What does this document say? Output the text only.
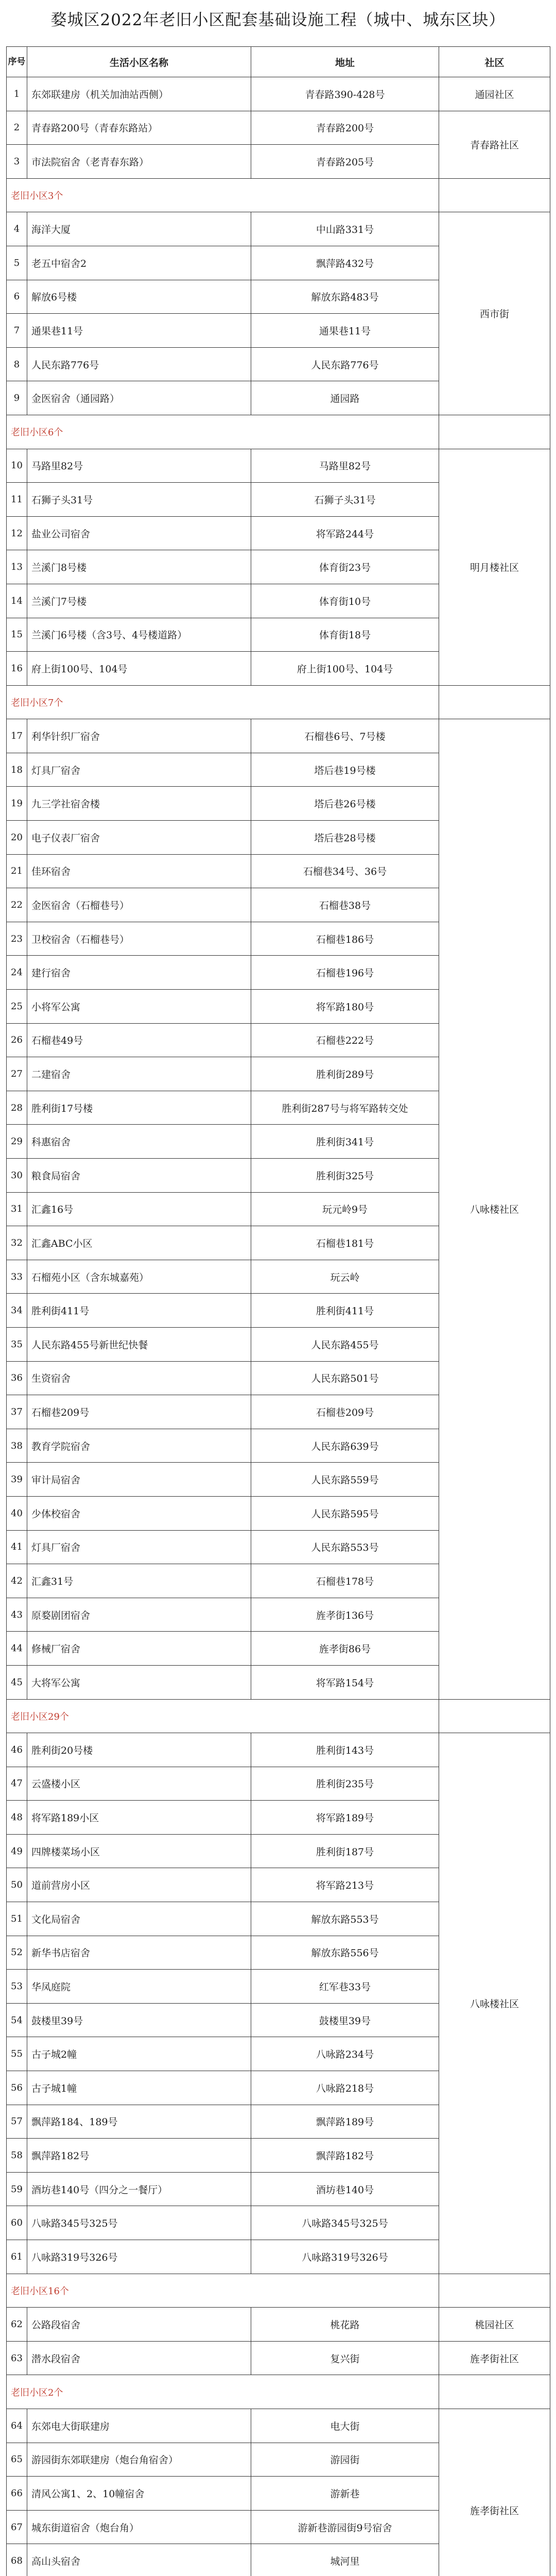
婺城区2022年老旧小区配套基础设施工程（城中、城东区块）
序号	生活小区名称	地址	社区
1	东郊联建房（机关加油站西侧）	青春路390-428号	通园社区
2	青春路200号（青春东路站）	青春路200号	青春路社区
3	市法院宿舍（老青春东路）	青春路205号	
老旧小区3个			
4	海洋大厦	中山路331号	西市街
5	老五中宿舍2	飘萍路432号	
6	解放6号楼	解放东路483号	
7	通果巷11号	通果巷11号	
8	人民东路776号	人民东路776号	
9	金医宿舍（通园路）	通园路	
老旧小区6个			
10	马路里82号	马路里82号	明月楼社区
11	石狮子头31号	石狮子头31号	
12	盐业公司宿舍	将军路244号	
13	兰溪门8号楼	体育街23号	
14	兰溪门7号楼	体育街10号	
15	兰溪门6号楼（含3号、4号楼道路）	体育街18号	
16	府上街100号、104号	府上街100号、104号	
老旧小区7个			
17	利华针织厂宿舍	石榴巷6号、7号楼	八咏楼社区
18	灯具厂宿舍	塔后巷19号楼	
19	九三学社宿舍楼	塔后巷26号楼	
20	电子仪表厂宿舍	塔后巷28号楼	
21	佳环宿舍	石榴巷34号、36号	
22	金医宿舍（石榴巷号）	石榴巷38号	
23	卫校宿舍（石榴巷号）	石榴巷186号	
24	建行宿舍	石榴巷196号	
25	小将军公寓	将军路180号	
26	石榴巷49号	石榴巷222号	
27	二建宿舍	胜利街289号	
28	胜利街17号楼	胜利街287号与将军路转交处	
29	科惠宿舍	胜利街341号	
30	粮食局宿舍	胜利街325号	
31	汇鑫16号	玩元岭9号	
32	汇鑫ABC小区	石榴巷181号	
33	石榴苑小区（含东城嘉苑）	玩云岭	
34	胜利街411号	胜利街411号	
35	人民东路455号新世纪快餐	人民东路455号	
36	生资宿舍	人民东路501号	
37	石榴巷209号	石榴巷209号	
38	教育学院宿舍	人民东路639号	
39	审计局宿舍	人民东路559号	
40	少体校宿舍	人民东路595号	
41	灯具厂宿舍	人民东路553号	
42	汇鑫31号	石榴巷178号	
43	原婺剧团宿舍	旌孝街136号	
44	修械厂宿舍	旌孝街86号	
45	大将军公寓	将军路154号	
老旧小区29个			
46	胜利街20号楼	胜利街143号	八咏楼社区
47	云盛楼小区	胜利街235号	
48	将军路189小区	将军路189号	
49	四牌楼菜场小区	胜利街187号	
50	道前营房小区	将军路213号	
51	文化局宿舍	解放东路553号	
52	新华书店宿舍	解放东路556号	
53	华凤庭院	红军巷33号	
54	鼓楼里39号	鼓楼里39号	
55	古子城2幢	八咏路234号	
56	古子城1幢	八咏路218号	
57	飘萍路184、189号	飘萍路189号	
58	飘萍路182号	飘萍路182号	
59	酒坊巷140号（四分之一餐厅）	酒坊巷140号	
60	八咏路345号325号	八咏路345号325号	
61	八咏路319号326号	八咏路319号326号	
老旧小区16个			
62	公路段宿舍	桃花路	桃园社区
63	潜水段宿舍	复兴街	旌孝街社区
老旧小区2个			
64	东郊电大街联建房	电大街	旌孝街社区
65	游园街东郊联建房（炮台角宿舍）	游园街	
66	清风公寓1、2、10幢宿舍	游新巷	
67	城东街道宿舍（炮台角）	游新巷游园街9号宿舍	
68	高山头宿舍	城河里	
